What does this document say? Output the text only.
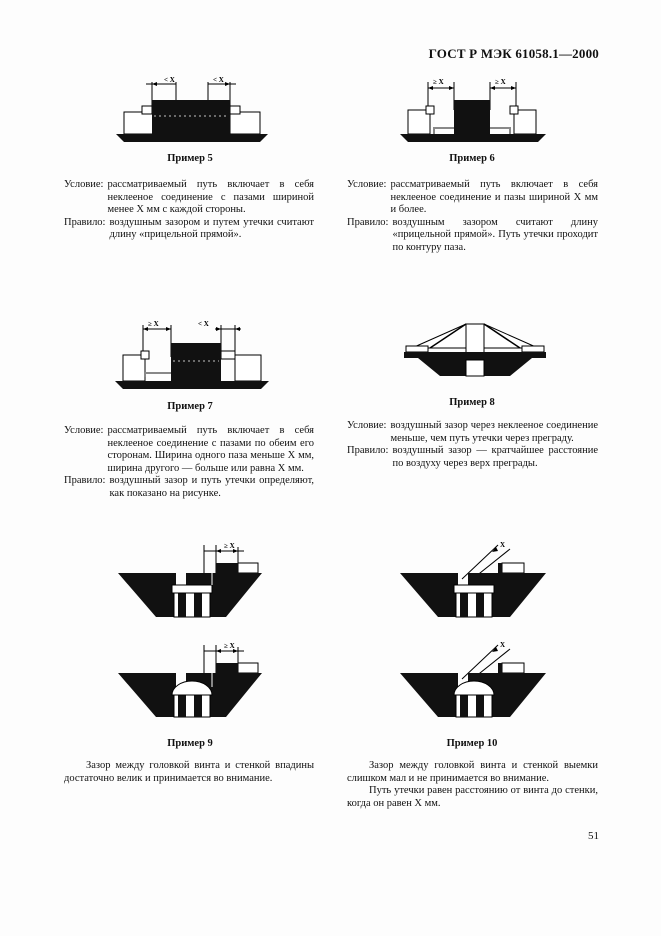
ГОСТ Р МЭК 61058.1—2000
< X	< X
Пример 5
Условие: рассматриваемый путь включает в себя неклееное соединение с пазами шириной менее X мм с каждой стороны.
Правило: воздушным зазором и путем утечки считают длину «прицельной прямой».
≥ X	≥ X
Пример 6
Условие: рассматриваемый путь включает в себя неклееное соединение и пазы шириной X мм и более.
Правило: воздушным зазором считают длину «прицельной прямой». Путь утечки проходит по контуру паза.
≥ X	< X
Пример 7
Условие: рассматриваемый путь включает в себя неклееное соединение с пазами по обеим его сторонам. Ширина одного паза меньше X мм, ширина другого — больше или равна X мм.
Правило: воздушный зазор и путь утечки определяют, как показано на рисунке.
Пример 8
Условие: воздушный зазор через неклееное соединение меньше, чем путь утечки через преграду.
Правило: воздушный зазор — кратчайшее расстояние по воздуху через верх преграды.
≥ X
≥ X
Пример 9
Зазор между головкой винта и стенкой впадины достаточно велик и принимается во внимание.
X
X
Пример 10
Зазор между головкой винта и стенкой выемки слишком мал и не принимается во внимание.
Путь утечки равен расстоянию от винта до стенки, когда он равен X мм.
51
